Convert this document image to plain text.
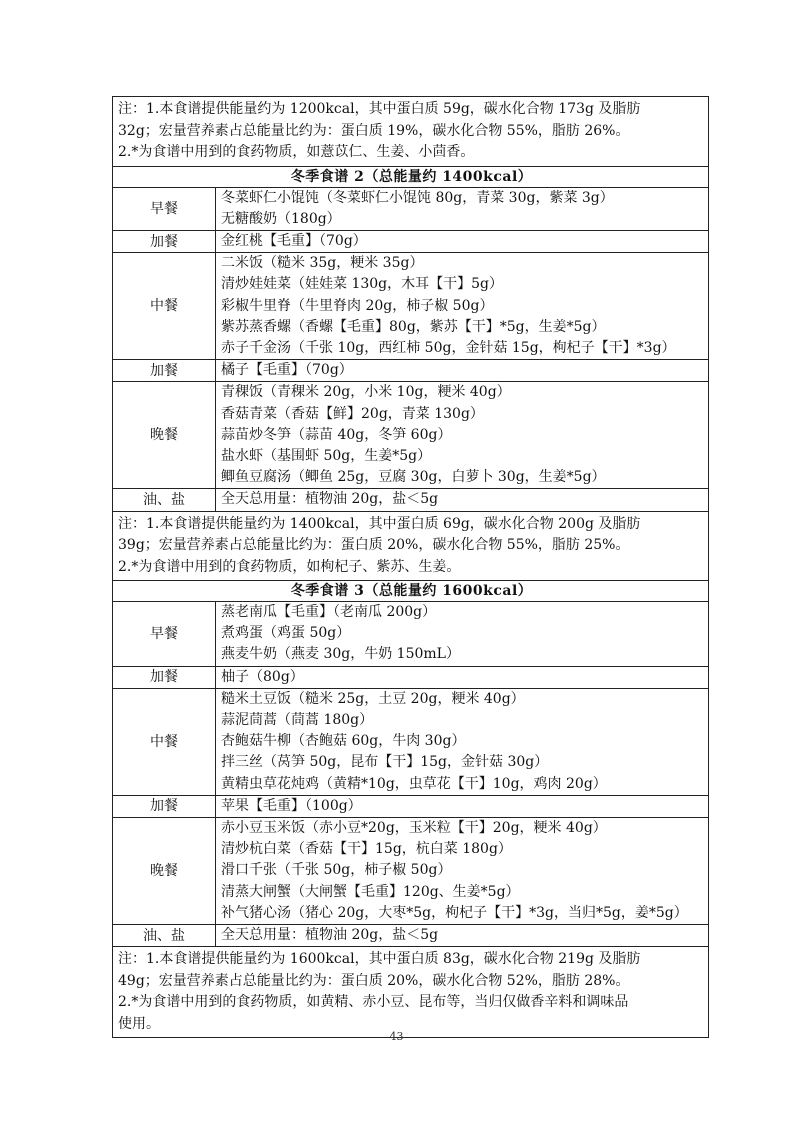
注：1.本食谱提供能量约为 1200kcal，其中蛋白质 59g，碳水化合物 173g 及脂肪
32g；宏量营养素占总能量比约为：蛋白质 19%，碳水化合物 55%，脂肪 26%。
2.*为食谱中用到的食药物质，如薏苡仁、生姜、小茴香。	

冬季食谱 2（总能量约 1400kcal）	
早餐	冬菜虾仁小馄饨（冬菜虾仁小馄饨 80g，青菜 30g，紫菜 3g）
无糖酸奶（180g）

加餐	金红桃【毛重】（70g）

中餐	二米饭（糙米 35g，粳米 35g）
清炒娃娃菜（娃娃菜 130g，木耳【干】5g）
彩椒牛里脊（牛里脊肉 20g，柿子椒 50g）
紫苏蒸香螺（香螺【毛重】80g，紫苏【干】*5g，生姜*5g）
赤子千金汤（千张 10g，西红柿 50g，金针菇 15g，枸杞子【干】*3g）

加餐	橘子【毛重】（70g）

晚餐	青稞饭（青稞米 20g，小米 10g，粳米 40g）
香菇青菜（香菇【鲜】20g，青菜 130g）
蒜苗炒冬笋（蒜苗 40g，冬笋 60g）
盐水虾（基围虾 50g，生姜*5g）
鲫鱼豆腐汤（鲫鱼 25g，豆腐 30g，白萝卜 30g，生姜*5g）

油、盐	全天总用量：植物油 20g，盐＜5g

注：1.本食谱提供能量约为 1400kcal，其中蛋白质 69g，碳水化合物 200g 及脂肪
39g；宏量营养素占总能量比约为：蛋白质 20%，碳水化合物 55%，脂肪 25%。
2.*为食谱中用到的食药物质，如枸杞子、紫苏、生姜。	

冬季食谱 3（总能量约 1600kcal）	
早餐	蒸老南瓜【毛重】（老南瓜 200g）
煮鸡蛋（鸡蛋 50g）
燕麦牛奶（燕麦 30g，牛奶 150mL）

加餐	柚子（80g）

中餐	糙米土豆饭（糙米 25g，土豆 20g，粳米 40g）
蒜泥茼蒿（茼蒿 180g）
杏鲍菇牛柳（杏鲍菇 60g，牛肉 30g）
拌三丝（莴笋 50g，昆布【干】15g，金针菇 30g）
黄精虫草花炖鸡（黄精*10g，虫草花【干】10g，鸡肉 20g）

加餐	苹果【毛重】（100g）

晚餐	赤小豆玉米饭（赤小豆*20g，玉米粒【干】20g，粳米 40g）
清炒杭白菜（香菇【干】15g，杭白菜 180g）
滑口千张（千张 50g，柿子椒 50g）
清蒸大闸蟹（大闸蟹【毛重】120g、生姜*5g）
补气猪心汤（猪心 20g，大枣*5g，枸杞子【干】*3g，当归*5g，姜*5g）

油、盐	全天总用量：植物油 20g，盐＜5g

注：1.本食谱提供能量约为 1600kcal，其中蛋白质 83g，碳水化合物 219g 及脂肪
49g；宏量营养素占总能量比约为：蛋白质 20%，碳水化合物 52%，脂肪 28%。
2.*为食谱中用到的食药物质，如黄精、赤小豆、昆布等，当归仅做香辛料和调味品
使用。	
43
